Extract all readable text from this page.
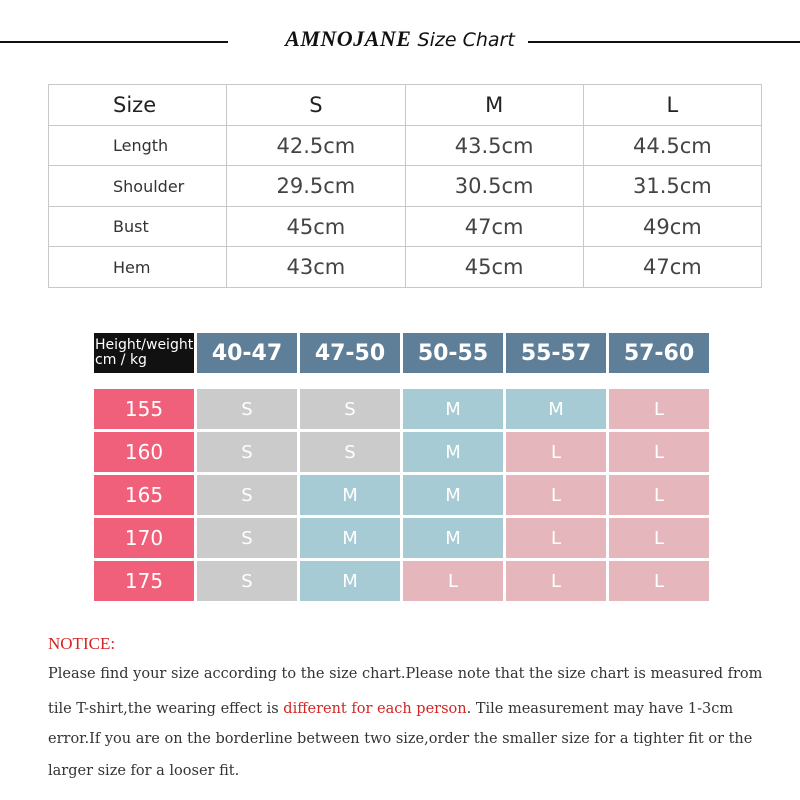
AMNOJANE Size Chart
Size	S	M	L
Length	42.5cm	43.5cm	44.5cm
Shoulder	29.5cm	30.5cm	31.5cm
Bust	45cm	47cm	49cm
Hem	43cm	45cm	47cm
Height/weight
cm / kg	40-47	47-50	50-55	55-57	57-60
155	S	S	M	M	L
160	S	S	M	L	L
165	S	M	M	L	L
170	S	M	M	L	L
175	S	M	L	L	L
NOTICE:
Please find your size according to the size chart.Please note that the size chart is measured from
tile T-shirt,the wearing effect is different for each person. Tile measurement may have 1-3cm
error.If you are on the borderline between two size,order the smaller size for a tighter fit or the
larger size for a looser fit.
